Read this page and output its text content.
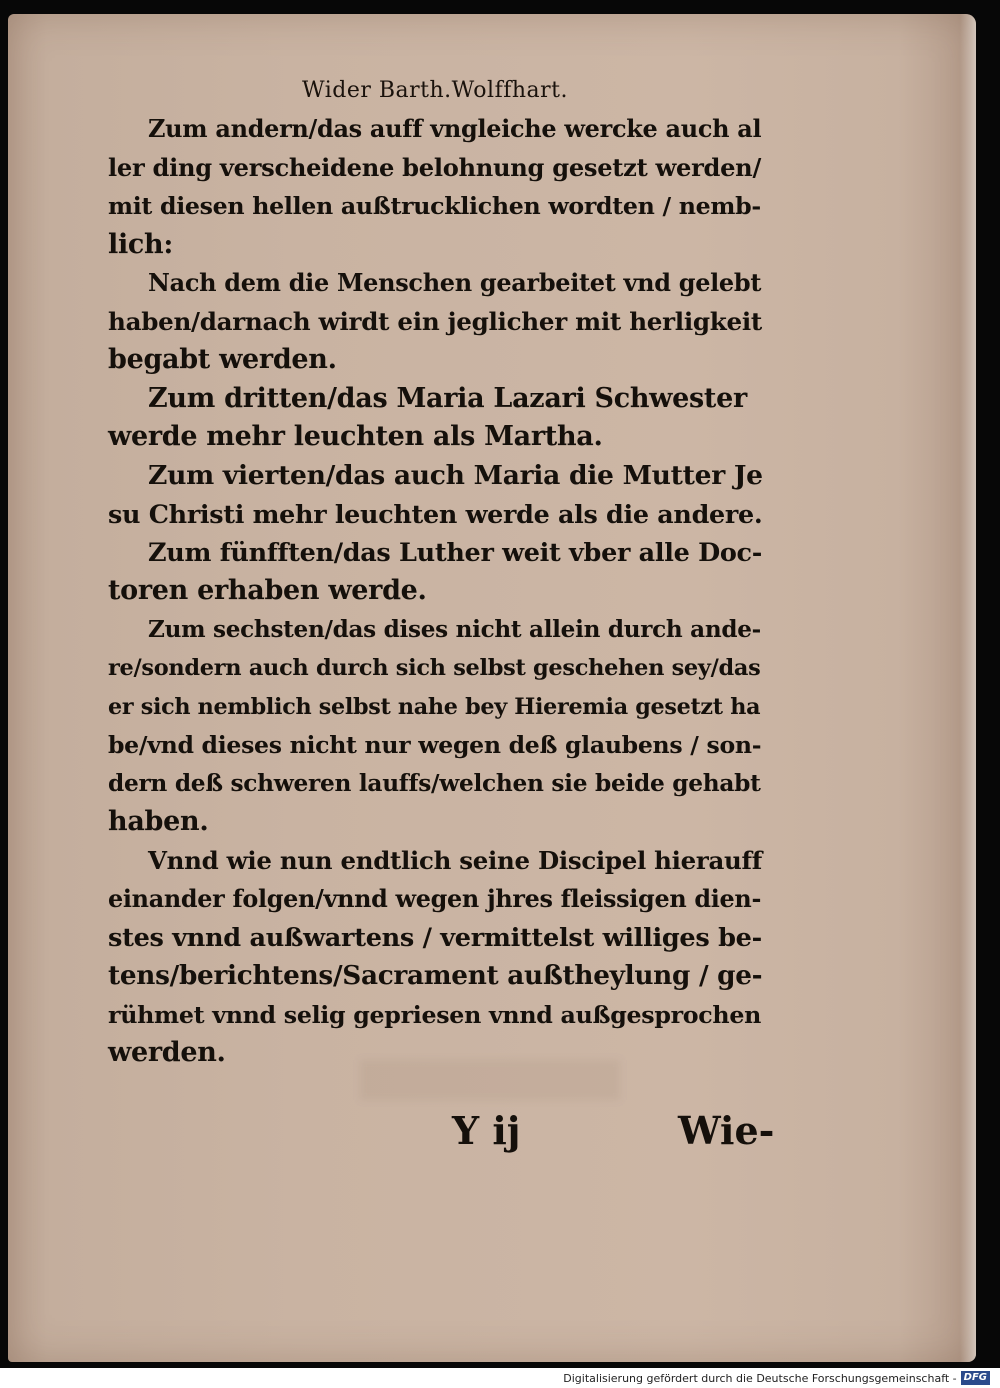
Wider Barth.Wolffhart.
Zum andern/das auff vngleiche wercke auch al
ler ding verscheidene belohnung gesetzt werden/
mit diesen hellen außtrucklichen wordten / nemb-
lich:
Nach dem die Menschen gearbeitet vnd gelebt
haben/darnach wirdt ein jeglicher mit herligkeit
begabt werden.
Zum dritten/das Maria Lazari Schwester
werde mehr leuchten als Martha.
Zum vierten/das auch Maria die Mutter Je
su Christi mehr leuchten werde als die andere.
Zum fünfften/das Luther weit vber alle Doc-
toren erhaben werde.
Zum sechsten/das dises nicht allein durch ande-
re/sondern auch durch sich selbst geschehen sey/das
er sich nemblich selbst nahe bey Hieremia gesetzt ha
be/vnd dieses nicht nur wegen deß glaubens / son-
dern deß schweren lauffs/welchen sie beide gehabt
haben.
Vnnd wie nun endtlich seine Discipel hierauff
einander folgen/vnnd wegen jhres fleissigen dien-
stes vnnd außwartens / vermittelst williges be-
tens/berichtens/Sacrament außtheylung / ge-
rühmet vnnd selig gepriesen vnnd außgesprochen
werden.
Y ij	Wie-
Digitalisierung gefördert durch die Deutsche Forschungsgemeinschaft - DFG
